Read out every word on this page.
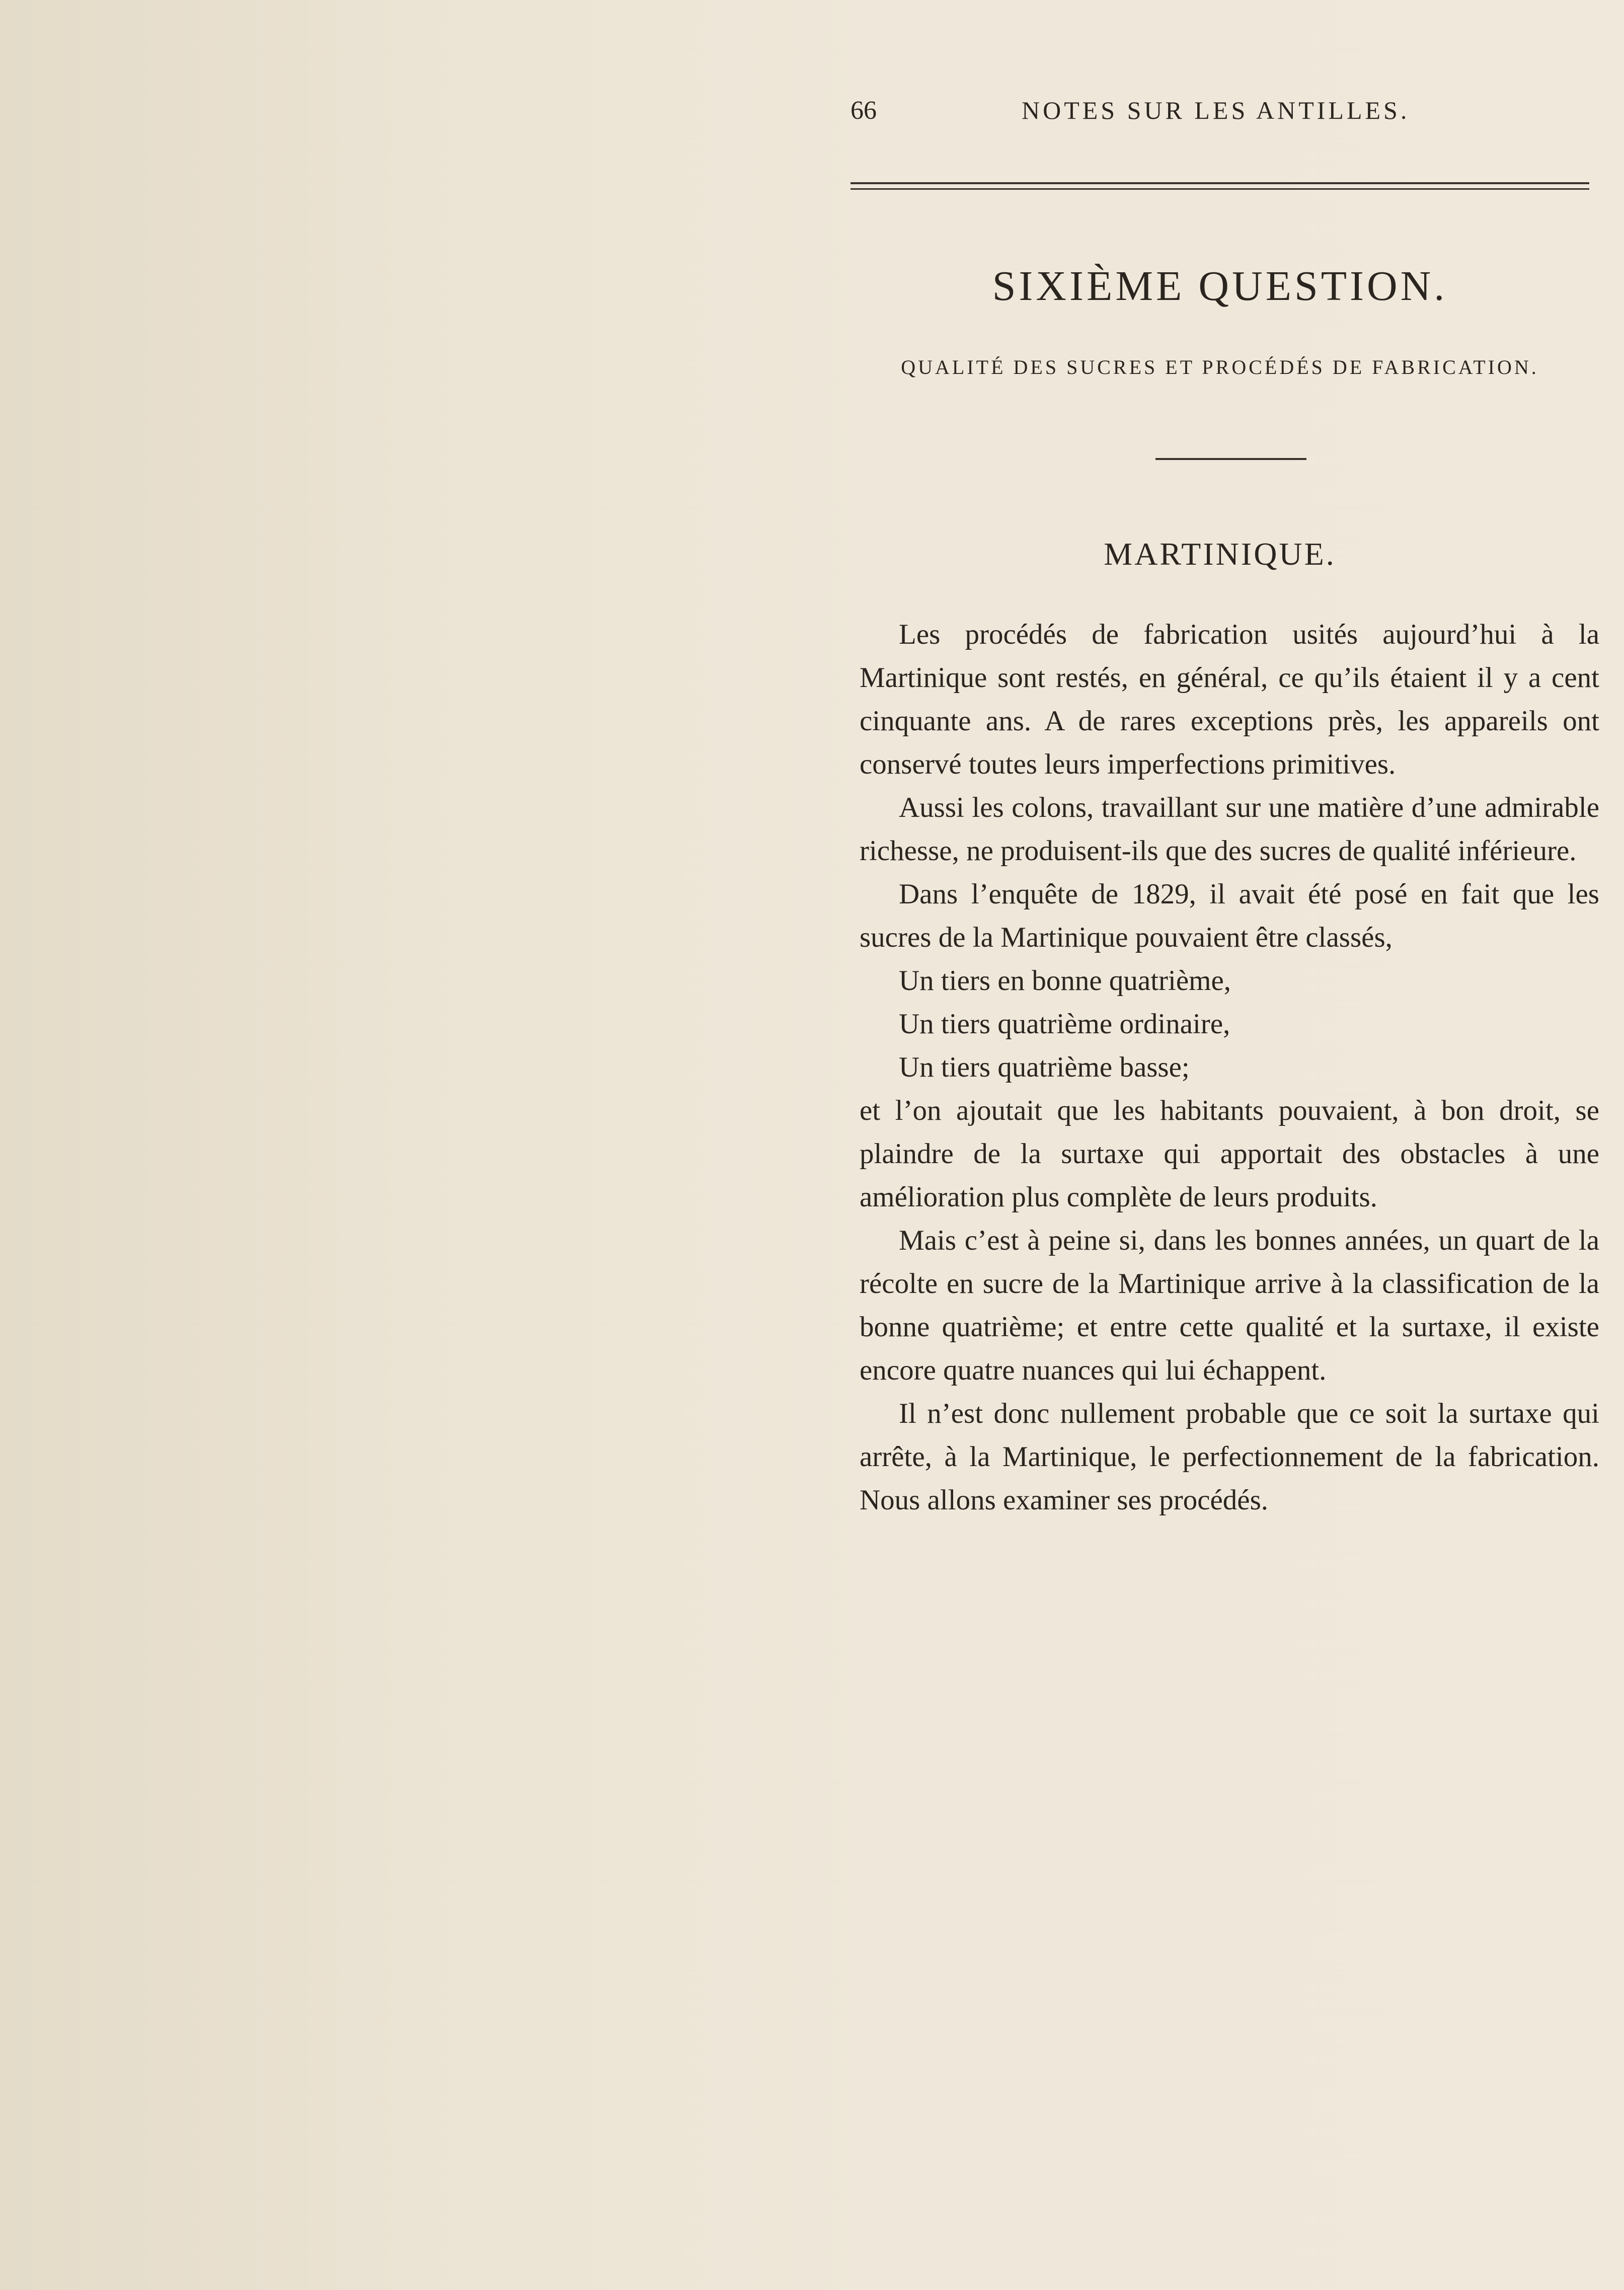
66	NOTES SUR LES ANTILLES.
SIXIÈME QUESTION.
QUALITÉ DES SUCRES ET PROCÉDÉS DE FABRICATION.
MARTINIQUE.

Les procédés de fabrication usités aujourd’hui à la Martinique sont restés, en général, ce qu’ils étaient il y a cent cinquante ans. A de rares exceptions près, les appareils ont conservé toutes leurs imperfections primitives.

Aussi les colons, travaillant sur une matière d’une admirable richesse, ne produisent-ils que des sucres de qualité inférieure.

Dans l’enquête de 1829, il avait été posé en fait que les sucres de la Martinique pouvaient être classés,

Un tiers en bonne quatrième,

Un tiers quatrième ordinaire,

Un tiers quatrième basse;

et l’on ajoutait que les habitants pouvaient, à bon droit, se plaindre de la surtaxe qui apportait des obstacles à une amélioration plus complète de leurs produits.

Mais c’est à peine si, dans les bonnes années, un quart de la récolte en sucre de la Martinique arrive à la classification de la bonne quatrième; et entre cette qualité et la surtaxe, il existe encore quatre nuances qui lui échappent.

Il n’est donc nullement probable que ce soit la surtaxe qui arrête, à la Martinique, le perfectionnement de la fabrication. Nous allons examiner ses procédés.
